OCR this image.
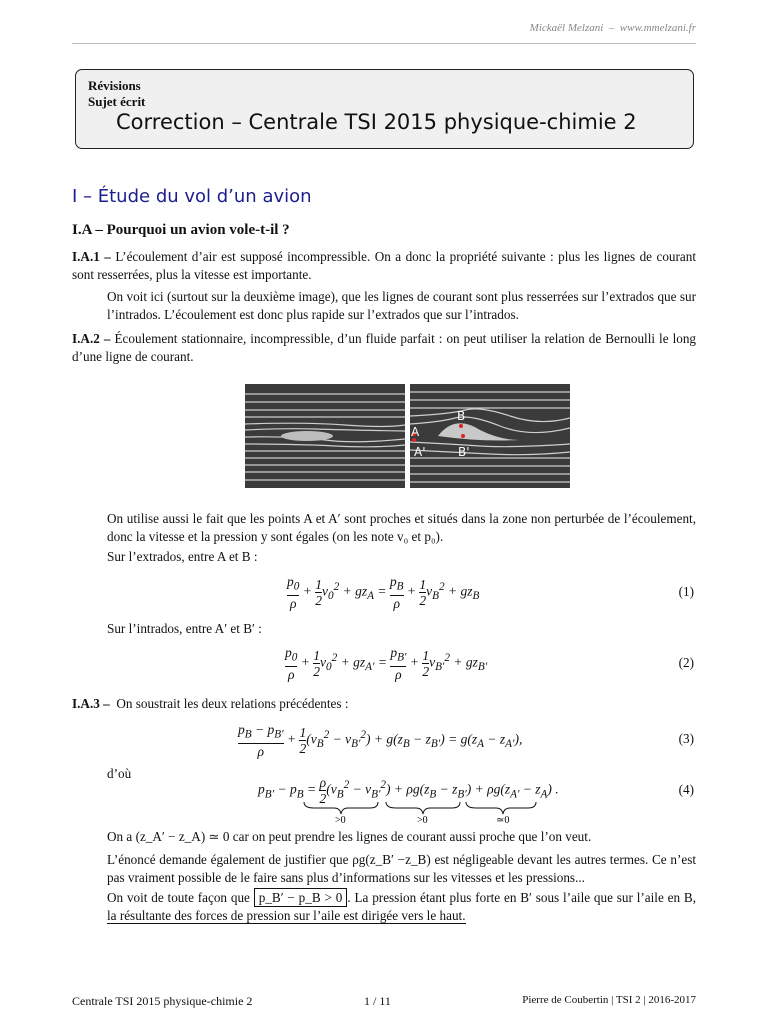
Mickaël Melzani – www.mmelzani.fr
Révisions
Sujet écrit
Correction – Centrale TSI 2015 physique-chimie 2
I – Étude du vol d’un avion
I.A – Pourquoi un avion vole-t-il ?
I.A.1 – L’écoulement d’air est supposé incompressible. On a donc la propriété suivante : plus les lignes de courant sont resserrées, plus la vitesse est importante.
On voit ici (surtout sur la deuxième image), que les lignes de courant sont plus resserrées sur l’extrados que sur l’intrados. L’écoulement est donc plus rapide sur l’extrados que sur l’intrados.
I.A.2 – Écoulement stationnaire, incompressible, d’un fluide parfait : on peut utiliser la relation de Bernoulli le long d’une ligne de courant.
B
B'
A
A'
On utilise aussi le fait que les points A et A′ sont proches et situés dans la zone non perturbée de l’écoulement, donc la vitesse et la pression y sont égales (on les note v₀ et p₀).
Sur l’extrados, entre A et B :
$\frac{p_0}{\rho} + \frac{1}{2} v_0^2 + gz_A = \frac{p_B}{\rho} + \frac{1}{2} v_B^2 + gz_B$	(1)
Sur l’intrados, entre A′ et B′ :
$\frac{p_0}{\rho} + \frac{1}{2} v_0^2 + gz_{A'} = \frac{p_{B'}}{\rho} + \frac{1}{2} v_{B'}^2 + gz_{B'}$	(2)
I.A.3 – On soustrait les deux relations précédentes :
$\frac{p_B - p_{B'}}{\rho} + \frac{1}{2} (v_B^2 - v_{B'}^2) + g(z_B - z_{B'}) = g(z_A - z_{A'})$,	(3)
d’où
$p_{B'} - p_B = \frac{\rho}{2} (v_B^2 - v_{B'}^2) + \rho g(z_B - z_{B'}) + \rho g(z_{A'} - z_A)$ .
>0	>0	≃0
(4)
On a (z_A′ − z_A) ≃ 0 car on peut prendre les lignes de courant aussi proche que l’on veut.
L’énoncé demande également de justifier que ρg(z_B′ −z_B) est négligeable devant les autres termes. Ce n’est pas vraiment possible de le faire sans plus d’informations sur les vitesses et les pressions...
On voit de toute façon que p_B′ − p_B > 0 . La pression étant plus forte en B′ sous l’aile que sur l’aile en B, la résultante des forces de pression sur l’aile est dirigée vers le haut.
Centrale TSI 2015 physique-chimie 2	1 / 11	Pierre de Coubertin | TSI 2 | 2016-2017
